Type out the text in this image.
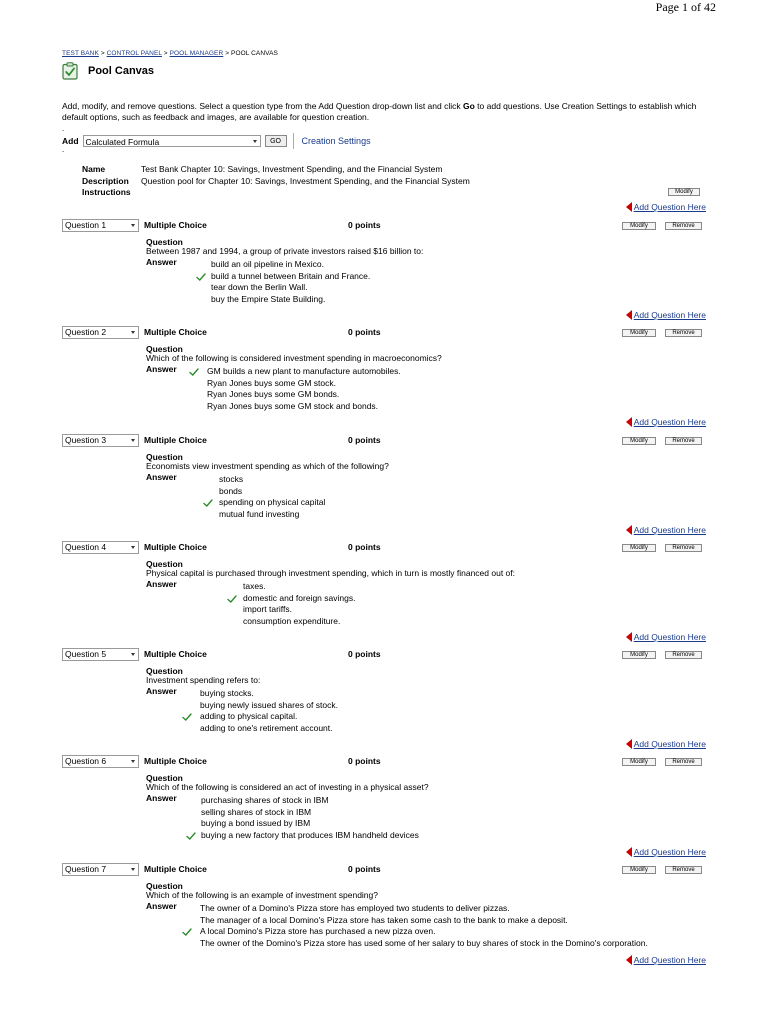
Page 1 of 42
TEST BANK > CONTROL PANEL > POOL MANAGER > POOL CANVAS
Pool Canvas
Add, modify, and remove questions. Select a question type from the Add Question drop-down list and click Go to add questions. Use Creation Settings to establish which default options, such as feedback and images, are available for question creation.
.
Add Calculated Formula	GO	Creation Settings
.
Name	Test Bank Chapter 10: Savings, Investment Spending, and the Financial System
Description Question pool for Chapter 10: Savings, Investment Spending, and the Financial System
Instructions	Modify
Add Question Here
Question 1	Multiple Choice	0 points	Modify	Remove
Question
Between 1987 and 1994, a group of private investors raised $16 billion to:
Answer	build an oil pipeline in Mexico.
build a tunnel between Britain and France.
tear down the Berlin Wall.
buy the Empire State Building.
Add Question Here
Question 2	Multiple Choice	0 points	Modify	Remove
Question
Which of the following is considered investment spending in macroeconomics?
Answer	GM builds a new plant to manufacture automobiles.
Ryan Jones buys some GM stock.
Ryan Jones buys some GM bonds.
Ryan Jones buys some GM stock and bonds.
Add Question Here
Question 3	Multiple Choice	0 points	Modify	Remove
Question
Economists view investment spending as which of the following?
Answer	stocks
bonds
spending on physical capital
mutual fund investing
Add Question Here
Question 4	Multiple Choice	0 points	Modify	Remove
Question
Physical capital is purchased through investment spending, which in turn is mostly financed out of:
Answer	taxes.
domestic and foreign savings.
import tariffs.
consumption expenditure.
Add Question Here
Question 5	Multiple Choice	0 points	Modify	Remove
Question
Investment spending refers to:
Answer	buying stocks.
buying newly issued shares of stock.
adding to physical capital.
adding to one's retirement account.
Add Question Here
Question 6	Multiple Choice	0 points	Modify	Remove
Question
Which of the following is considered an act of investing in a physical asset?
Answer	purchasing shares of stock in IBM
selling shares of stock in IBM
buying a bond issued by IBM
buying a new factory that produces IBM handheld devices
Add Question Here
Question 7	Multiple Choice	0 points	Modify	Remove
Question
Which of the following is an example of investment spending?
Answer	The owner of a Domino's Pizza store has employed two students to deliver pizzas.
The manager of a local Domino's Pizza store has taken some cash to the bank to make a deposit.
A local Domino's Pizza store has purchased a new pizza oven.
The owner of the Domino's Pizza store has used some of her salary to buy shares of stock in the Domino's corporation.
Add Question Here
